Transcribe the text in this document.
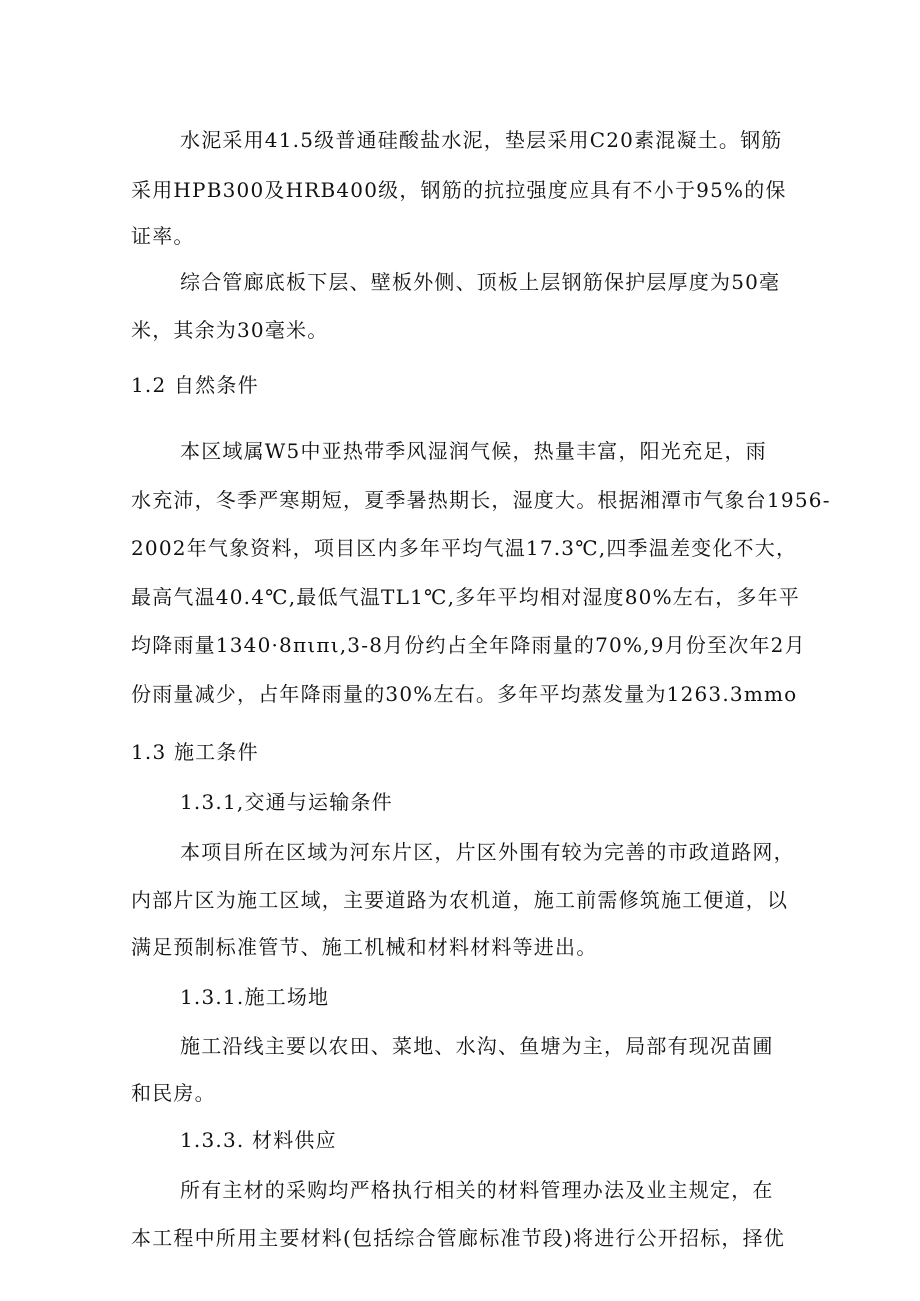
水泥采用41.5级普通硅酸盐水泥，垫层采用C20素混凝土。钢筋
采用HPB300及HRB400级，钢筋的抗拉强度应具有不小于95%的保
证率。
综合管廊底板下层、壁板外侧、顶板上层钢筋保护层厚度为50毫
米，其余为30毫米。
1.2 自然条件
本区域属W5中亚热带季风湿润气候，热量丰富，阳光充足，雨
水充沛，冬季严寒期短，夏季暑热期长，湿度大。根据湘潭市气象台1956-
2002年气象资料，项目区内多年平均气温17.3℃,四季温差变化不大，
最高气温40.4℃,最低气温TL1℃,多年平均相对湿度80%左右，多年平
均降雨量1340·8πιπι,3-8月份约占全年降雨量的70%,9月份至次年2月
份雨量减少，占年降雨量的30%左右。多年平均蒸发量为1263.3mmo
1.3 施工条件
1.3.1,交通与运输条件
本项目所在区域为河东片区，片区外围有较为完善的市政道路网，
内部片区为施工区域，主要道路为农机道，施工前需修筑施工便道，以
满足预制标准管节、施工机械和材料材料等进出。
1.3.1.施工场地
施工沿线主要以农田、菜地、水沟、鱼塘为主，局部有现况苗圃
和民房。
1.3.3. 材料供应
所有主材的采购均严格执行相关的材料管理办法及业主规定，在
本工程中所用主要材料(包括综合管廊标准节段)将进行公开招标，择优
